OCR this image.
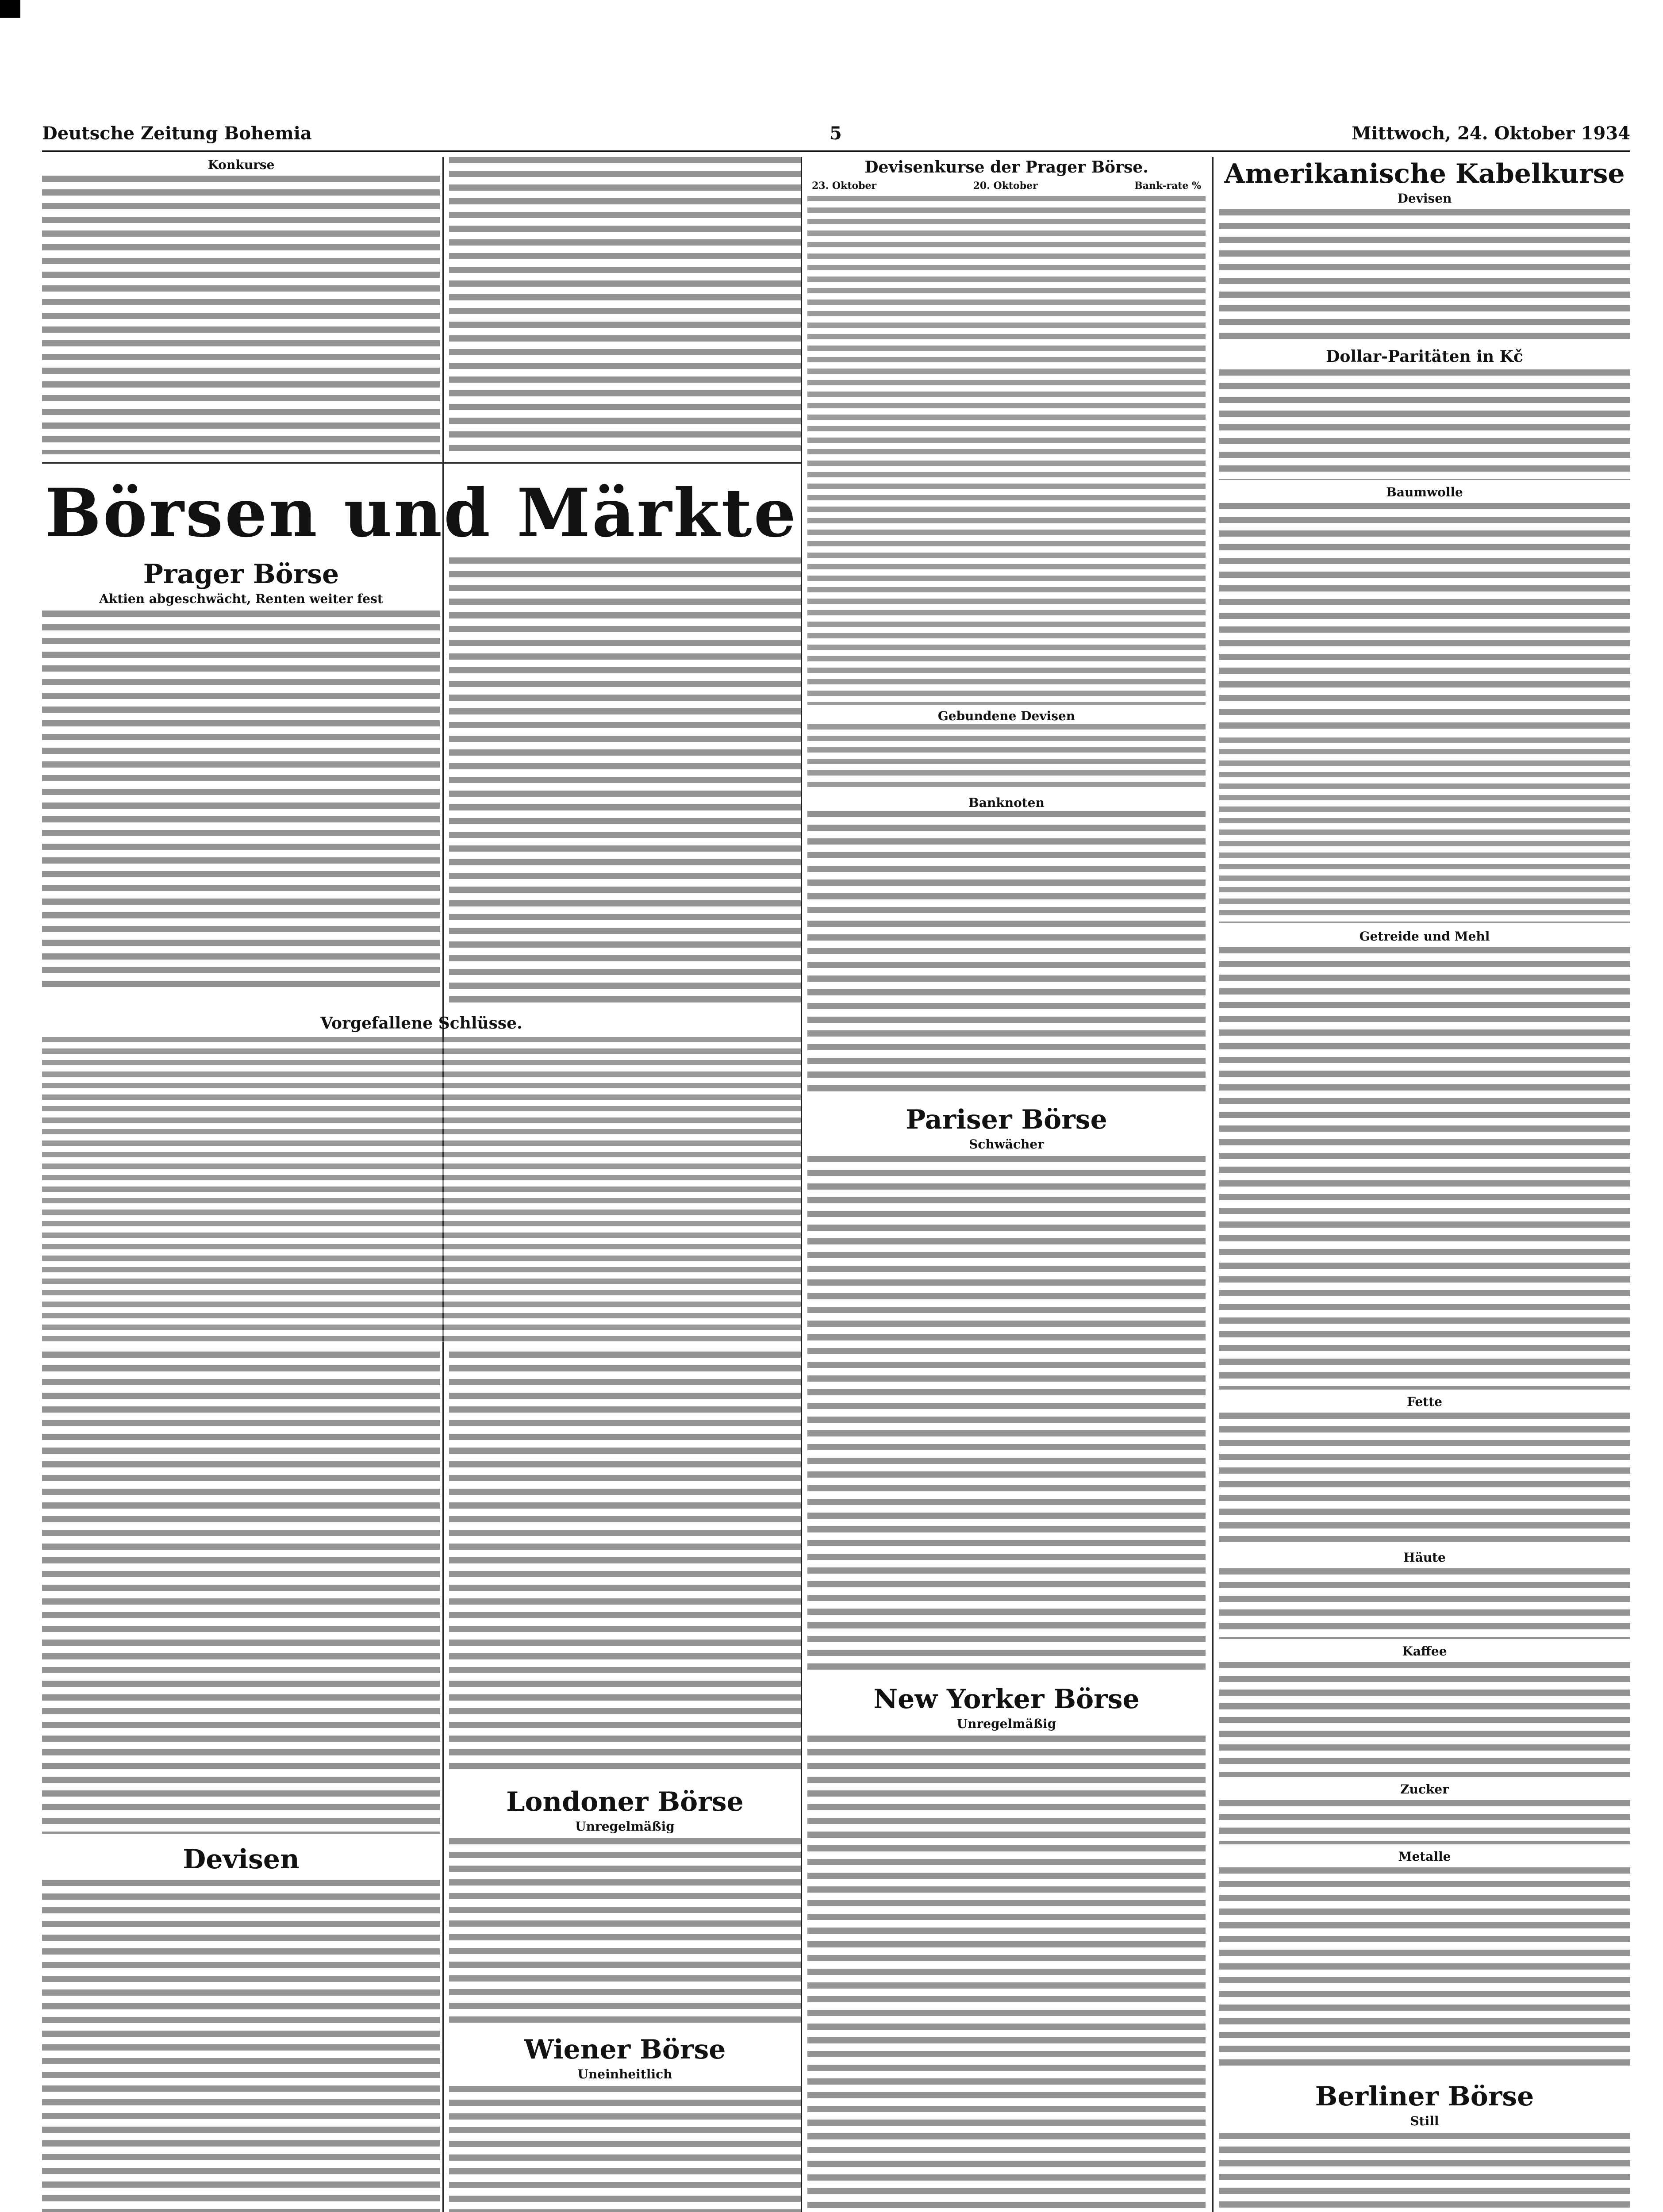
Deutsche Zeitung Bohemia	5	Mittwoch, 24. Oktober 1934

Konkurse

Börsen und Märkte

Prager Börse

Aktien abgeschwächt, Renten weiter fest

Vorgefallene Schlüsse.

Devisen

Londoner Börse

Unregelmäßig

Wiener Börse

Uneinheitlich

Devisenkurse der Prager Börse.

23. Oktober	20. Oktober	Bank-rate %

Gebundene Devisen

Banknoten

Pariser Börse

Schwächer

New Yorker Börse

Unregelmäßig

Amerikanische Kabelkurse

Devisen

Dollar-Paritäten in Kč

Baumwolle

Getreide und Mehl

Fette

Häute

Kaffee

Zucker

Metalle

Berliner Börse

Still
